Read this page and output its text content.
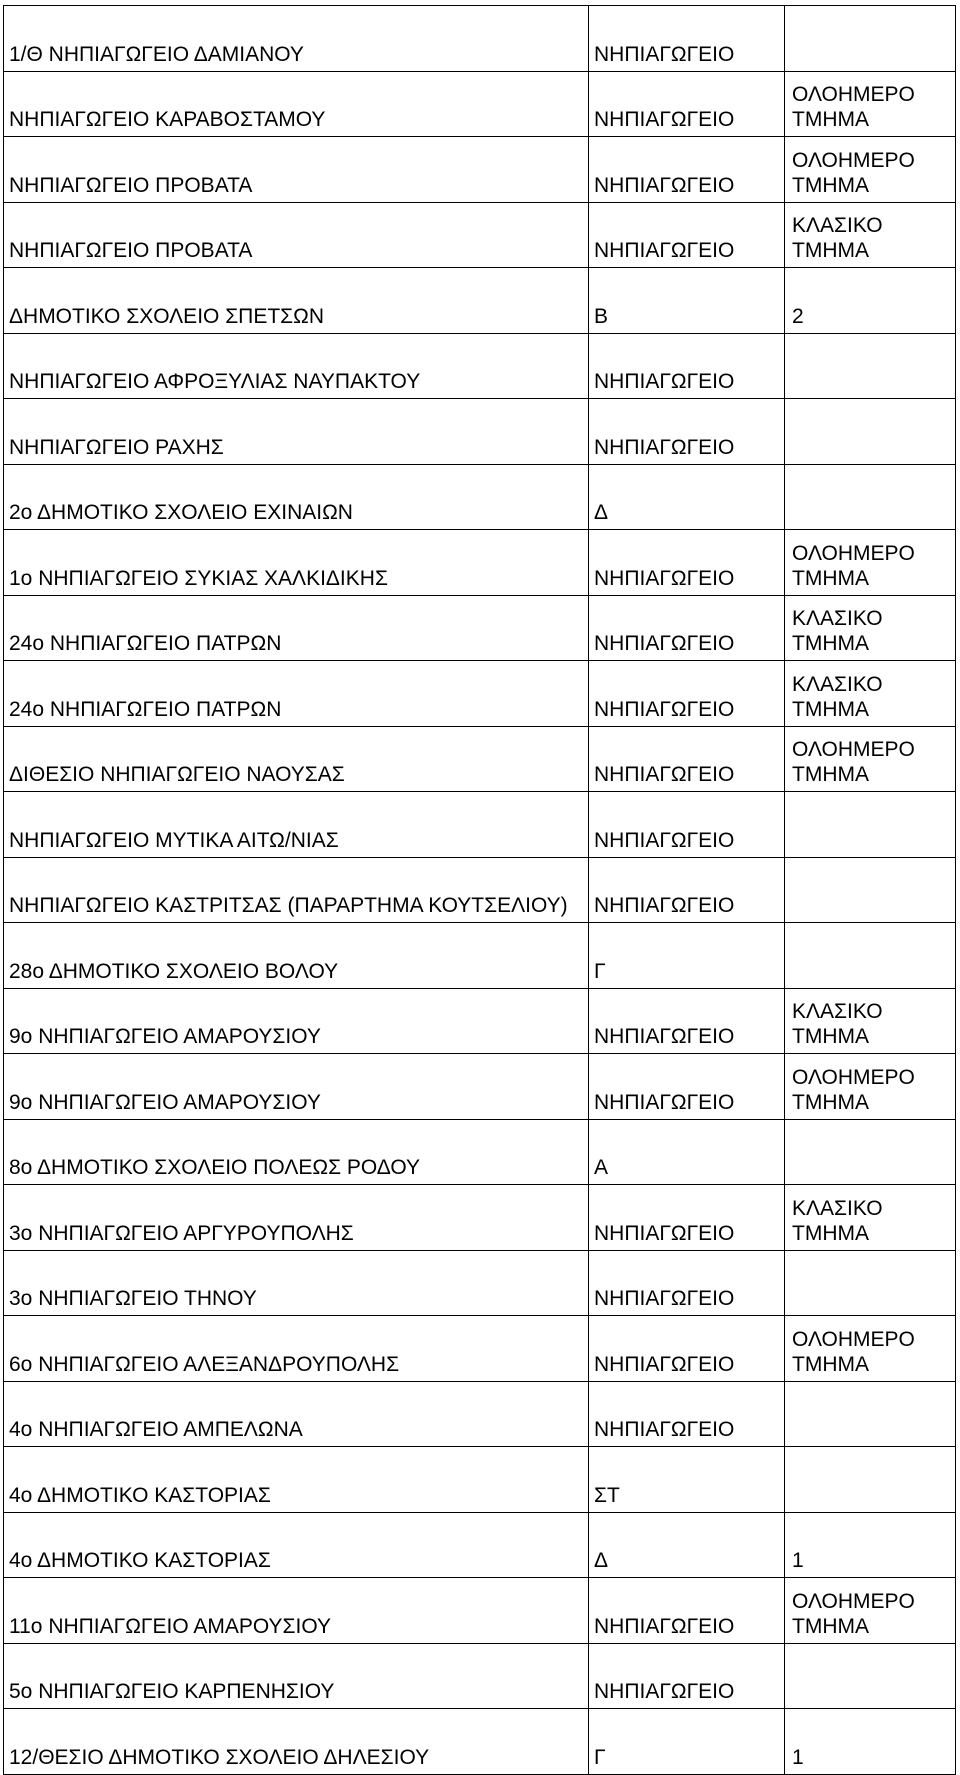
1/Θ ΝΗΠΙΑΓΩΓΕΙΟ ΔΑΜΙΑΝΟΥ	ΝΗΠΙΑΓΩΓΕΙΟ	
ΝΗΠΙΑΓΩΓΕΙΟ ΚΑΡΑΒΟΣΤΑΜΟΥ	ΝΗΠΙΑΓΩΓΕΙΟ	ΟΛΟΗΜΕΡΟ ΤΜΗΜΑ
ΝΗΠΙΑΓΩΓΕΙΟ ΠΡΟΒΑΤΑ	ΝΗΠΙΑΓΩΓΕΙΟ	ΟΛΟΗΜΕΡΟ ΤΜΗΜΑ
ΝΗΠΙΑΓΩΓΕΙΟ ΠΡΟΒΑΤΑ	ΝΗΠΙΑΓΩΓΕΙΟ	ΚΛΑΣΙΚΟ ΤΜΗΜΑ
ΔΗΜΟΤΙΚΟ ΣΧΟΛΕΙΟ ΣΠΕΤΣΩΝ	Β	2
ΝΗΠΙΑΓΩΓΕΙΟ ΑΦΡΟΞΥΛΙΑΣ ΝΑΥΠΑΚΤΟΥ	ΝΗΠΙΑΓΩΓΕΙΟ	
ΝΗΠΙΑΓΩΓΕΙΟ ΡΑΧΗΣ	ΝΗΠΙΑΓΩΓΕΙΟ	
2ο ΔΗΜΟΤΙΚΟ ΣΧΟΛΕΙΟ ΕΧΙΝΑΙΩΝ	Δ	
1ο ΝΗΠΙΑΓΩΓΕΙΟ ΣΥΚΙΑΣ ΧΑΛΚΙΔΙΚΗΣ	ΝΗΠΙΑΓΩΓΕΙΟ	ΟΛΟΗΜΕΡΟ ΤΜΗΜΑ
24ο ΝΗΠΙΑΓΩΓΕΙΟ ΠΑΤΡΩΝ	ΝΗΠΙΑΓΩΓΕΙΟ	ΚΛΑΣΙΚΟ ΤΜΗΜΑ
24ο ΝΗΠΙΑΓΩΓΕΙΟ ΠΑΤΡΩΝ	ΝΗΠΙΑΓΩΓΕΙΟ	ΚΛΑΣΙΚΟ ΤΜΗΜΑ
ΔΙΘΕΣΙΟ ΝΗΠΙΑΓΩΓΕΙΟ ΝΑΟΥΣΑΣ	ΝΗΠΙΑΓΩΓΕΙΟ	ΟΛΟΗΜΕΡΟ ΤΜΗΜΑ
ΝΗΠΙΑΓΩΓΕΙΟ ΜΥΤΙΚΑ ΑΙΤΩ/ΝΙΑΣ	ΝΗΠΙΑΓΩΓΕΙΟ	
ΝΗΠΙΑΓΩΓΕΙΟ ΚΑΣΤΡΙΤΣΑΣ (ΠΑΡΑΡΤΗΜΑ ΚΟΥΤΣΕΛΙΟΥ)	ΝΗΠΙΑΓΩΓΕΙΟ	
28ο ΔΗΜΟΤΙΚΟ ΣΧΟΛΕΙΟ ΒΟΛΟΥ	Γ	
9ο ΝΗΠΙΑΓΩΓΕΙΟ ΑΜΑΡΟΥΣΙΟΥ	ΝΗΠΙΑΓΩΓΕΙΟ	ΚΛΑΣΙΚΟ ΤΜΗΜΑ
9ο ΝΗΠΙΑΓΩΓΕΙΟ ΑΜΑΡΟΥΣΙΟΥ	ΝΗΠΙΑΓΩΓΕΙΟ	ΟΛΟΗΜΕΡΟ ΤΜΗΜΑ
8ο ΔΗΜΟΤΙΚΟ ΣΧΟΛΕΙΟ ΠΟΛΕΩΣ ΡΟΔΟΥ	Α	
3ο ΝΗΠΙΑΓΩΓΕΙΟ ΑΡΓΥΡΟΥΠΟΛΗΣ	ΝΗΠΙΑΓΩΓΕΙΟ	ΚΛΑΣΙΚΟ ΤΜΗΜΑ
3ο ΝΗΠΙΑΓΩΓΕΙΟ ΤΗΝΟΥ	ΝΗΠΙΑΓΩΓΕΙΟ	
6ο ΝΗΠΙΑΓΩΓΕΙΟ ΑΛΕΞΑΝΔΡΟΥΠΟΛΗΣ	ΝΗΠΙΑΓΩΓΕΙΟ	ΟΛΟΗΜΕΡΟ ΤΜΗΜΑ
4ο ΝΗΠΙΑΓΩΓΕΙΟ ΑΜΠΕΛΩΝΑ	ΝΗΠΙΑΓΩΓΕΙΟ	
4ο ΔΗΜΟΤΙΚΟ ΚΑΣΤΟΡΙΑΣ	ΣΤ	
4ο ΔΗΜΟΤΙΚΟ ΚΑΣΤΟΡΙΑΣ	Δ	1
11ο ΝΗΠΙΑΓΩΓΕΙΟ ΑΜΑΡΟΥΣΙΟΥ	ΝΗΠΙΑΓΩΓΕΙΟ	ΟΛΟΗΜΕΡΟ ΤΜΗΜΑ
5ο ΝΗΠΙΑΓΩΓΕΙΟ ΚΑΡΠΕΝΗΣΙΟΥ	ΝΗΠΙΑΓΩΓΕΙΟ	
12/ΘΕΣΙΟ ΔΗΜΟΤΙΚΟ ΣΧΟΛΕΙΟ ΔΗΛΕΣΙΟΥ	Γ	1
